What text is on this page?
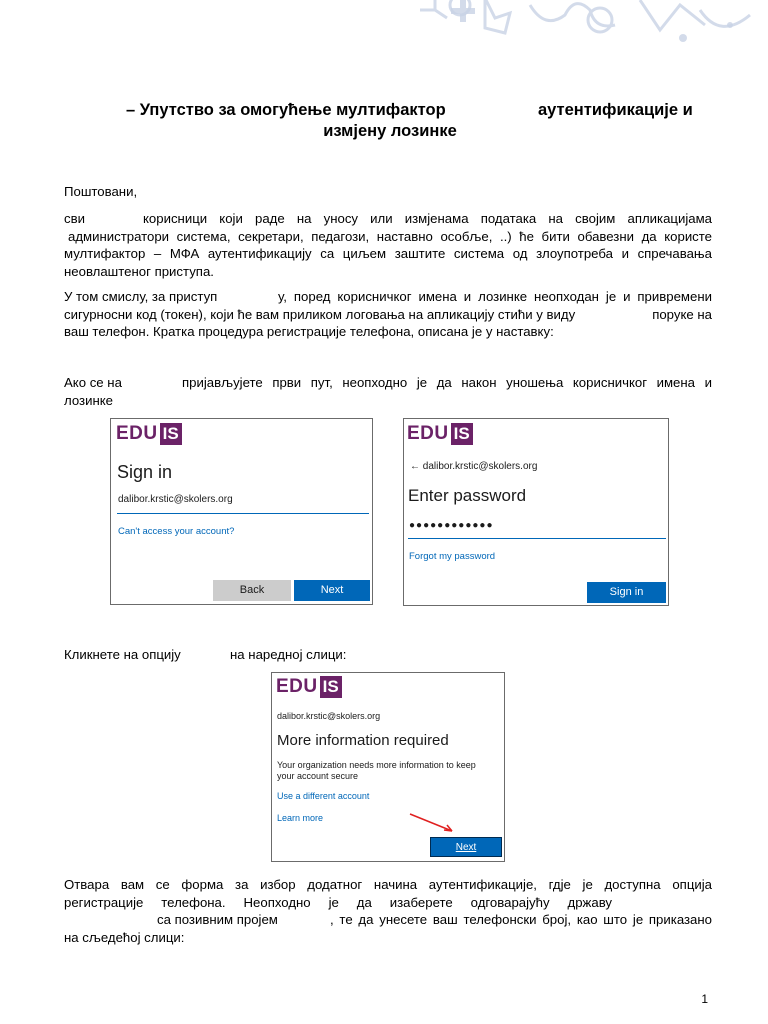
– Упутство за омогућење мултифактор	аутентификације и
измјену лозинке

Поштовани,

сви	корисници који раде на уносу или измјенама података на својим апликацијама
администратори система, секретари, педагози, наставно особље, ..) ће бити обавезни да користе мултифактор – МФА аутентификацију са циљем заштите система од злоупотреба и спречавања неовлаштеног приступа.
У том смислу, за приступ	у, поред корисничког имена и лозинке неопходан је и привремени
сигурносни код (токен), који ће вам приликом логовања на апликацију стићи у виду	поруке на
ваш телефон. Кратка процедура регистрације телефона, описана је у наставку:
Ако се на	пријављујете први пут, неопходно је да након уношења корисничког имена и
лозинке
EDU IS
Sign in
dalibor.krstic@skolers.org
Can't access your account?
Back	Next
EDU IS
← dalibor.krstic@skolers.org
Enter password
●●●●●●●●●●●●
Forgot my password
Sign in
Кликнете на опцију	на наредној слици:
EDU IS
dalibor.krstic@skolers.org
More information required
Your organization needs more information to keep your account secure
Use a different account
Learn more
Next
Отвара вам се форма за избор додатног начина аутентификације, гдје је доступна опција
регистрације телефона. Неопходно је да изаберете одговарајућу државу
са позивним пројем	, те да унесете ваш телефонски број, као што је приказано
на сљедећој слици:
1
